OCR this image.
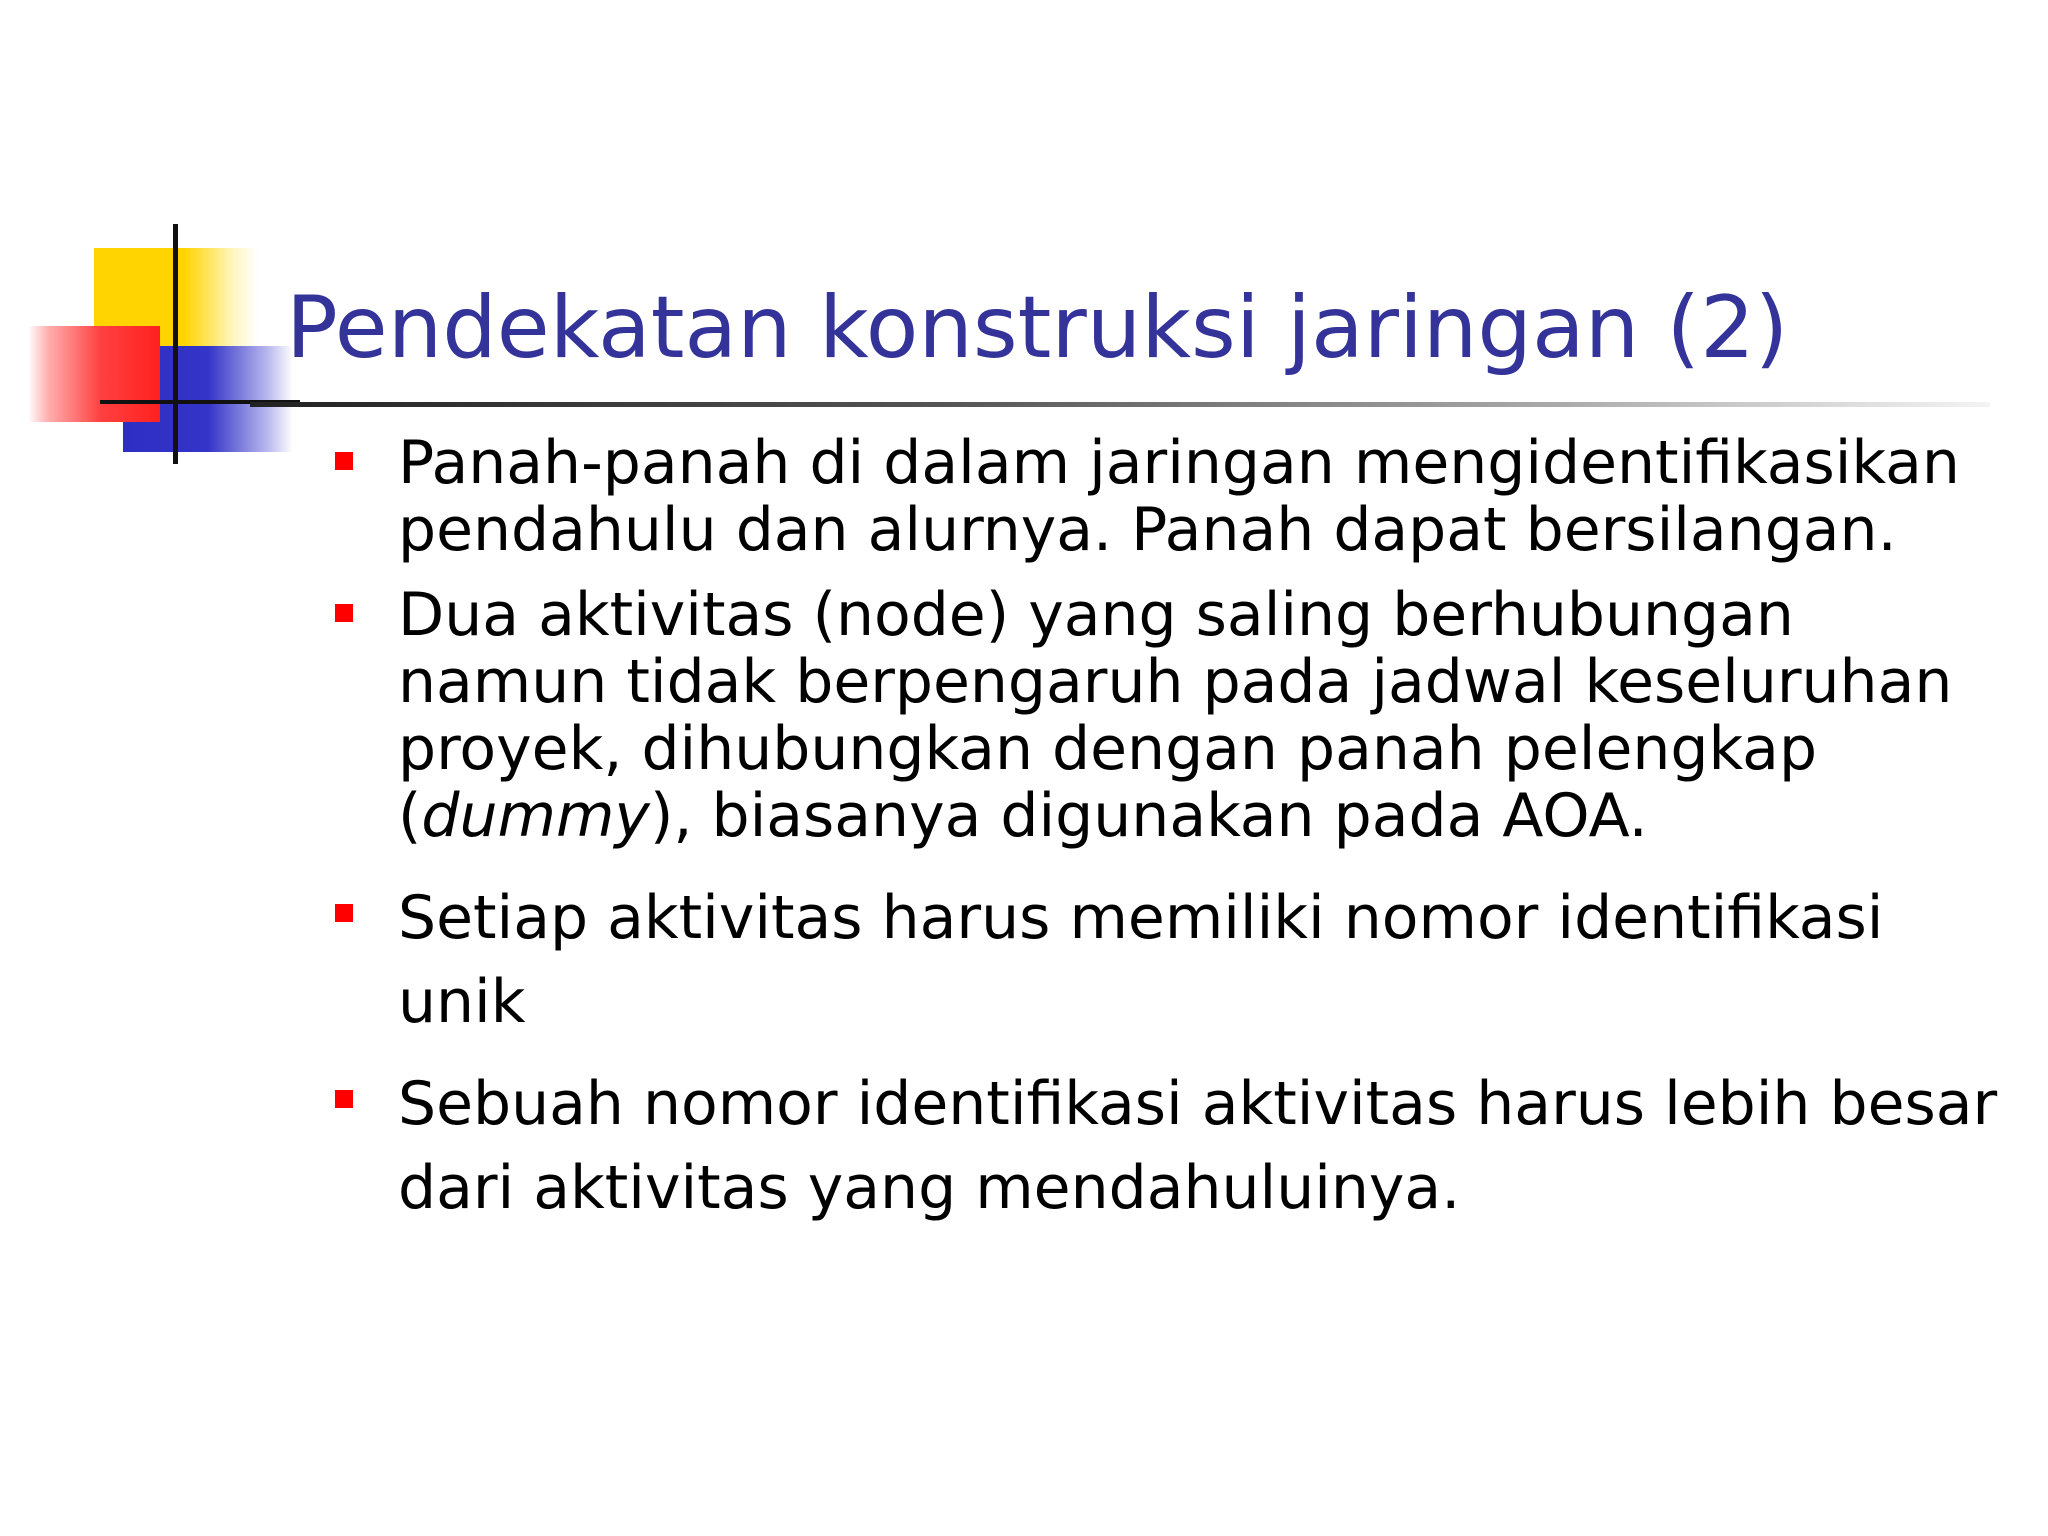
Pendekatan konstruksi jaringan (2)
Panah-panah di dalam jaringan mengidentifikasikan pendahulu dan alurnya. Panah dapat bersilangan.
Dua aktivitas (node) yang saling berhubungan namun tidak berpengaruh pada jadwal keseluruhan proyek, dihubungkan dengan panah pelengkap (dummy), biasanya digunakan pada AOA.
Setiap aktivitas harus memiliki nomor identifikasi unik
Sebuah nomor identifikasi aktivitas harus lebih besar dari aktivitas yang mendahuluinya.
